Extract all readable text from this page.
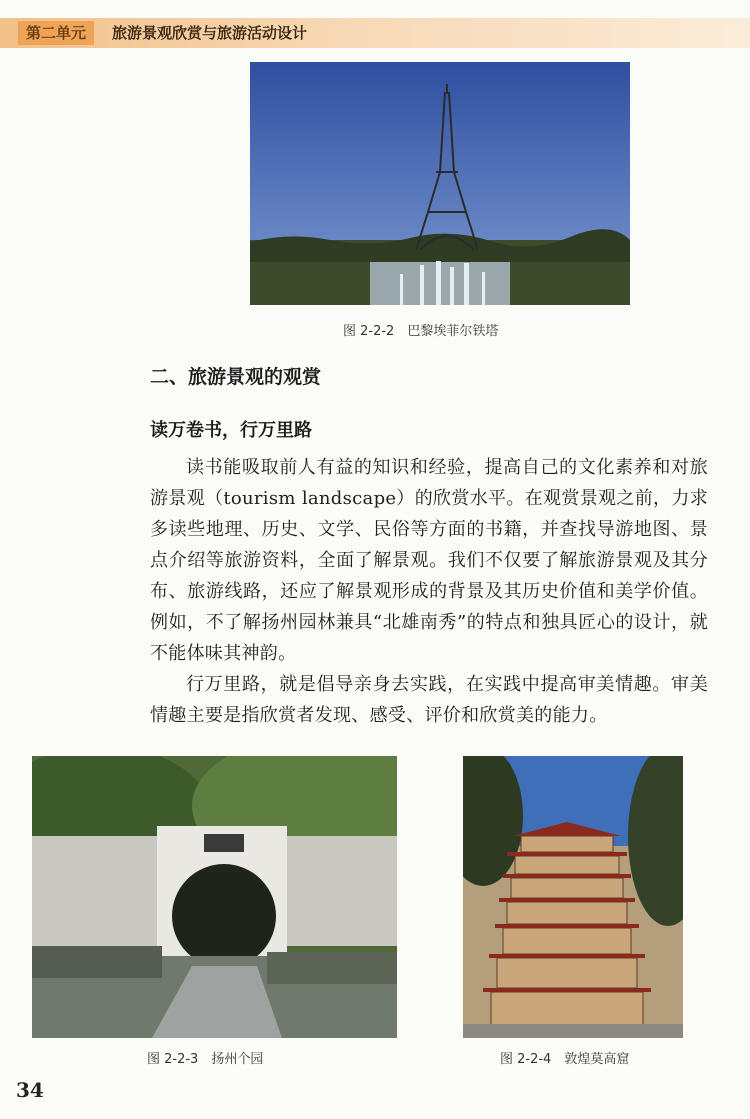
第二单元	旅游景观欣赏与旅游活动设计
图 2-2-2　巴黎埃菲尔铁塔
二、旅游景观的观赏
读万卷书，行万里路

读书能吸取前人有益的知识和经验，提高自己的文化素养和对旅游景观（tourism landscape）的欣赏水平。在观赏景观之前，力求多读些地理、历史、文学、民俗等方面的书籍，并查找导游地图、景点介绍等旅游资料，全面了解景观。我们不仅要了解旅游景观及其分布、旅游线路，还应了解景观形成的背景及其历史价值和美学价值。例如，不了解扬州园林兼具“北雄南秀”的特点和独具匠心的设计，就不能体味其神韵。

行万里路，就是倡导亲身去实践，在实践中提高审美情趣。审美情趣主要是指欣赏者发现、感受、评价和欣赏美的能力。

图 2-2-3　扬州个园	图 2-2-4　敦煌莫高窟
34
